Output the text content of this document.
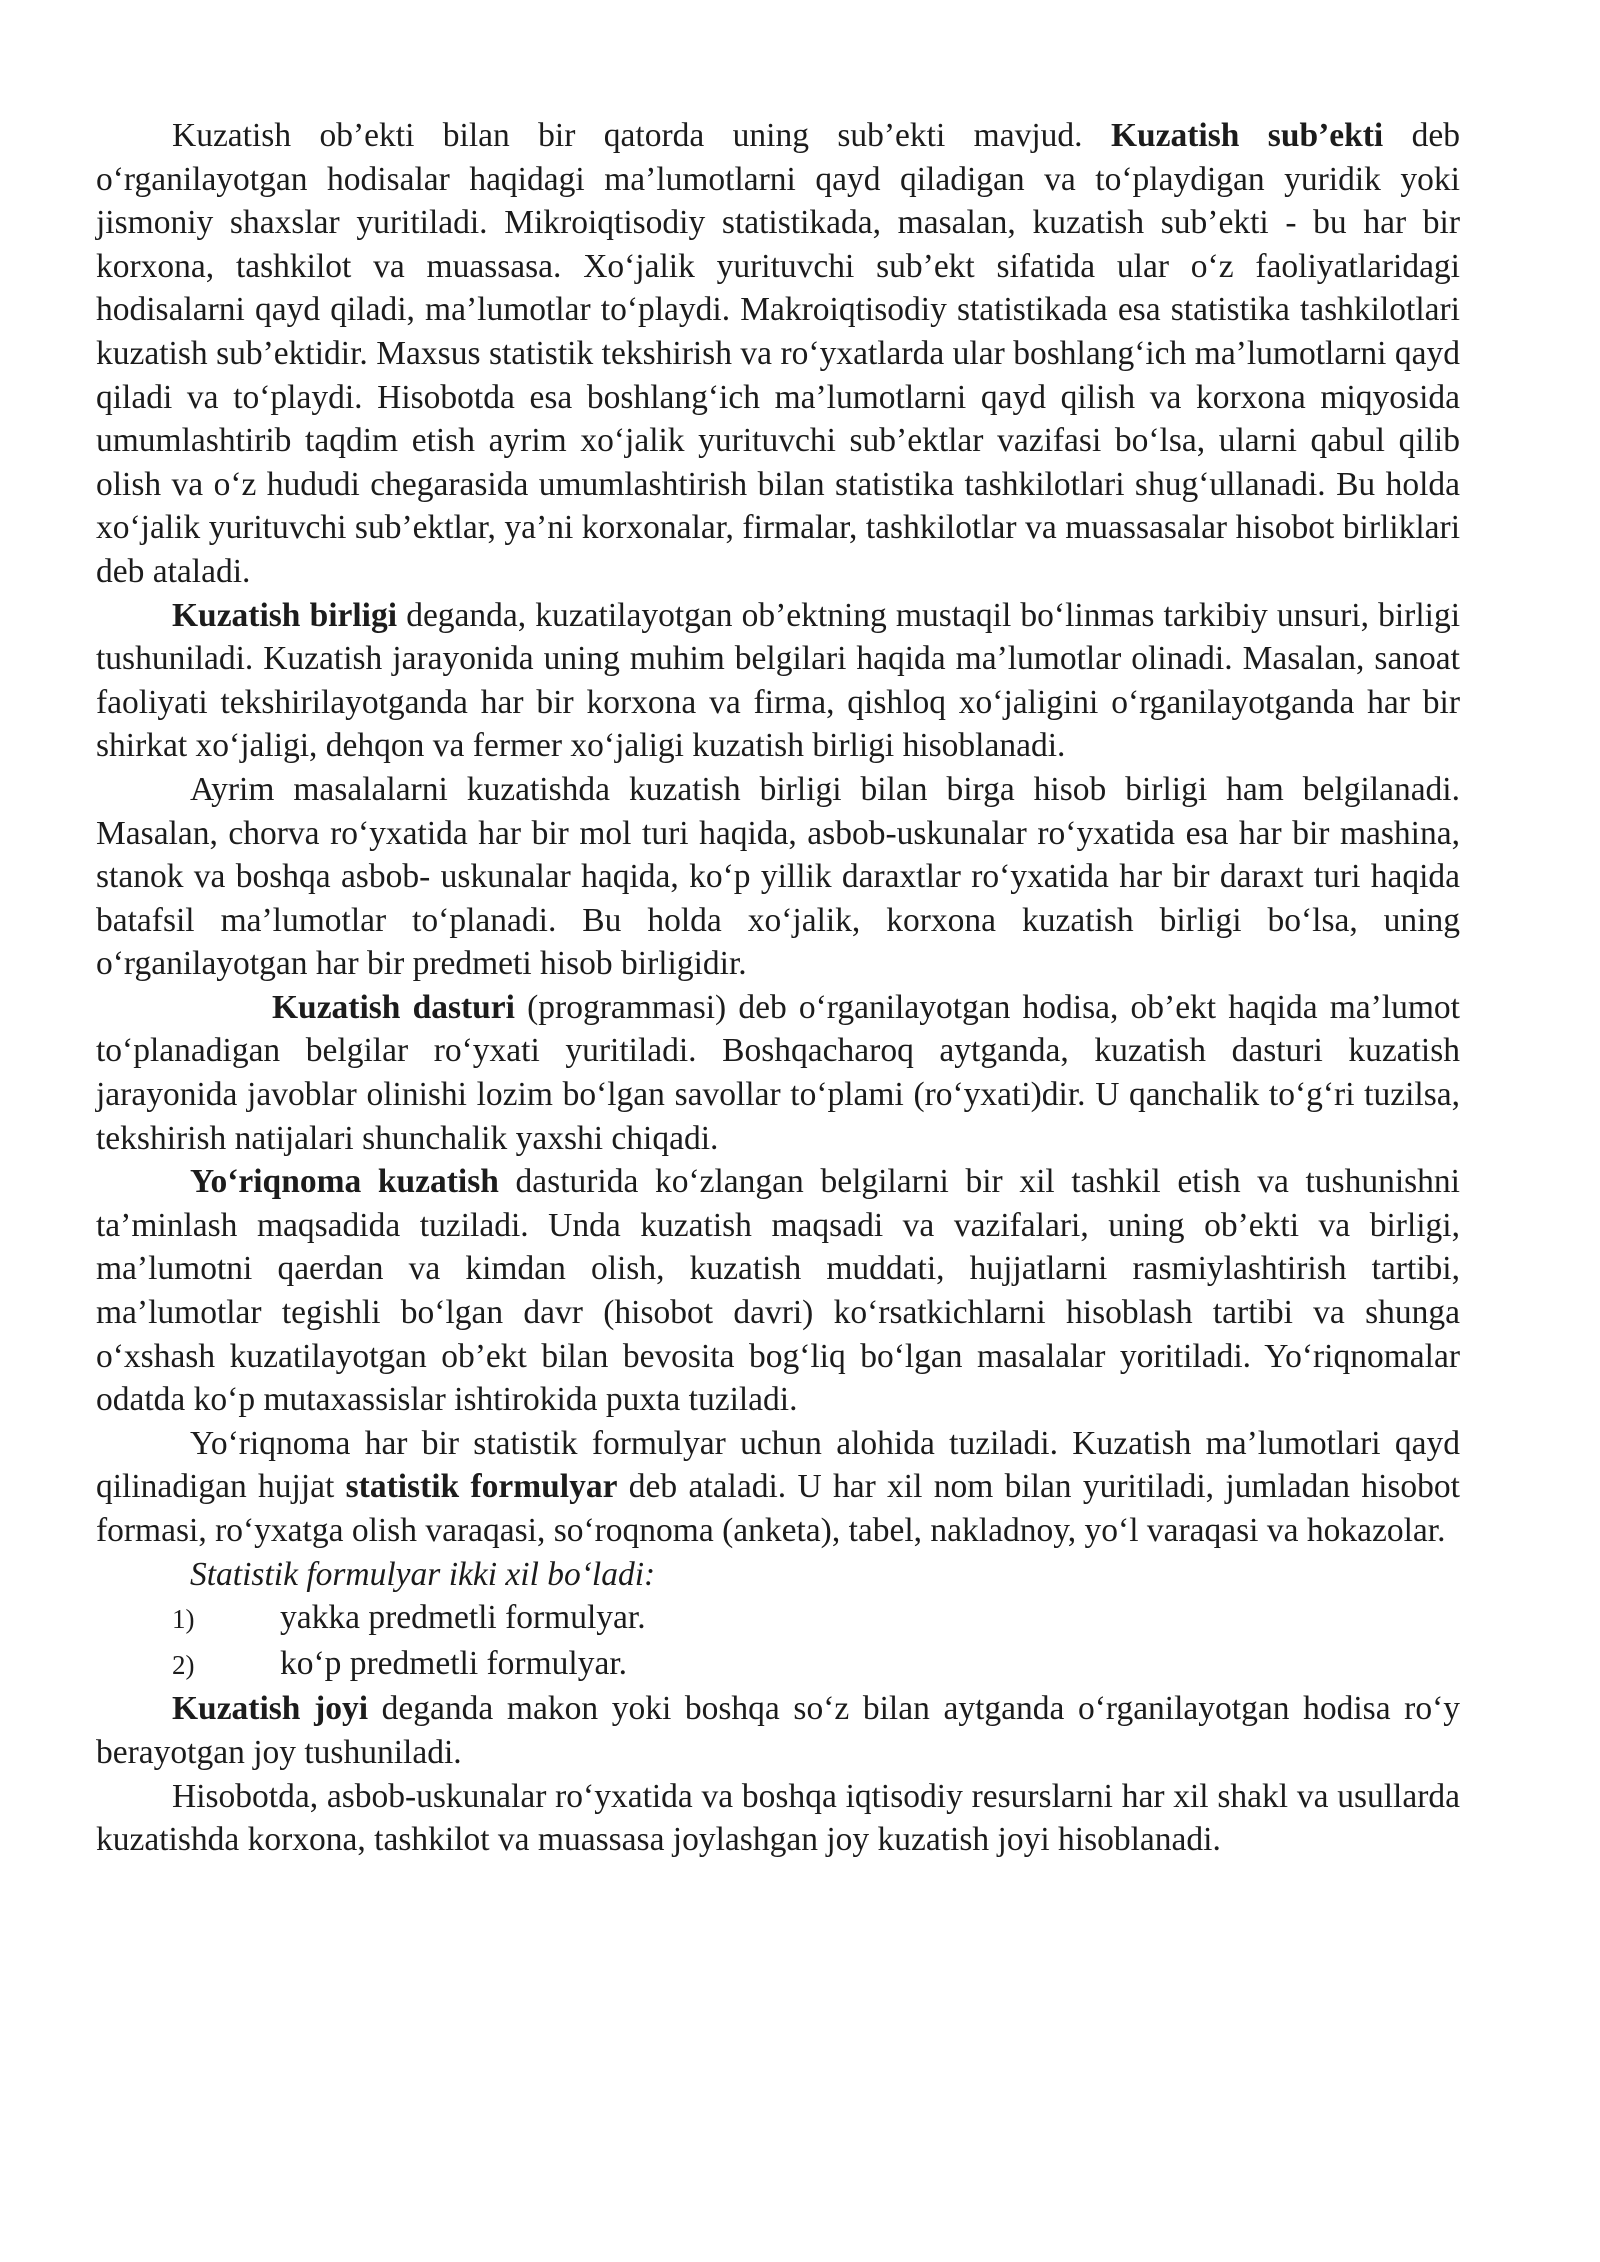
Kuzatish ob’ekti bilan bir qatorda uning sub’ekti mavjud. Kuzatish sub’ekti deb o‘rganilayotgan hodisalar haqidagi ma’lumotlarni qayd qiladigan va to‘playdigan yuridik yoki jismoniy shaxslar yuritiladi. Mikroiqtisodiy statistikada, masalan, kuzatish sub’ekti - bu har bir korxona, tashkilot va muassasa. Xo‘jalik yurituvchi sub’ekt sifatida ular o‘z faoliyatlaridagi hodisalarni qayd qiladi, ma’lumotlar to‘playdi. Makroiqtisodiy statistikada esa statistika tashkilotlari kuzatish sub’ektidir. Maxsus statistik tekshirish va ro‘yxatlarda ular boshlang‘ich ma’lumotlarni qayd qiladi va to‘playdi. Hisobotda esa boshlang‘ich ma’lumotlarni qayd qilish va korxona miqyosida umumlashtirib taqdim etish ayrim xo‘jalik yurituvchi sub’ektlar vazifasi bo‘lsa, ularni qabul qilib olish va o‘z hududi chegarasida umumlashtirish bilan statistika tashkilotlari shug‘ullanadi. Bu holda xo‘jalik yurituvchi sub’ektlar, ya’ni korxonalar, firmalar, tashkilotlar va muassasalar hisobot birliklari deb ataladi.

Kuzatish birligi deganda, kuzatilayotgan ob’ektning mustaqil bo‘linmas tarkibiy unsuri, birligi tushuniladi. Kuzatish jarayonida uning muhim belgilari haqida ma’lumotlar olinadi. Masalan, sanoat faoliyati tekshirilayotganda har bir korxona va firma, qishloq xo‘jaligini o‘rganilayotganda har bir shirkat xo‘jaligi, dehqon va fermer xo‘jaligi kuzatish birligi hisoblanadi.

Ayrim masalalarni kuzatishda kuzatish birligi bilan birga hisob birligi ham belgilanadi. Masalan, chorva ro‘yxatida har bir mol turi haqida, asbob-uskunalar ro‘yxatida esa har bir mashina, stanok va boshqa asbob- uskunalar haqida, ko‘p yillik daraxtlar ro‘yxatida har bir daraxt turi haqida batafsil ma’lumotlar to‘planadi. Bu holda xo‘jalik, korxona kuzatish birligi bo‘lsa, uning o‘rganilayotgan har bir predmeti hisob birligidir.

Kuzatish dasturi (programmasi) deb o‘rganilayotgan hodisa, ob’ekt haqida ma’lumot to‘planadigan belgilar ro‘yxati yuritiladi. Boshqacharoq aytganda, kuzatish dasturi kuzatish jarayonida javoblar olinishi lozim bo‘lgan savollar to‘plami (ro‘yxati)dir. U qanchalik to‘g‘ri tuzilsa, tekshirish natijalari shunchalik yaxshi chiqadi.

Yo‘riqnoma kuzatish dasturida ko‘zlangan belgilarni bir xil tashkil etish va tushunishni ta’minlash maqsadida tuziladi. Unda kuzatish maqsadi va vazifalari, uning ob’ekti va birligi, ma’lumotni qaerdan va kimdan olish, kuzatish muddati, hujjatlarni rasmiylashtirish tartibi, ma’lumotlar tegishli bo‘lgan davr (hisobot davri) ko‘rsatkichlarni hisoblash tartibi va shunga o‘xshash kuzatilayotgan ob’ekt bilan bevosita bog‘liq bo‘lgan masalalar yoritiladi. Yo‘riqnomalar odatda ko‘p mutaxassislar ishtirokida puxta tuziladi.

Yo‘riqnoma har bir statistik formulyar uchun alohida tuziladi. Kuzatish ma’lumotlari qayd qilinadigan hujjat statistik formulyar deb ataladi. U har xil nom bilan yuritiladi, jumladan hisobot formasi, ro‘yxatga olish varaqasi, so‘roqnoma (anketa), tabel, nakladnoy, yo‘l varaqasi va hokazolar.

Statistik formulyar ikki xil bo‘ladi:

1)	yakka predmetli formulyar.

2)	ko‘p predmetli formulyar.

Kuzatish joyi deganda makon yoki boshqa so‘z bilan aytganda o‘rganilayotgan hodisa ro‘y berayotgan joy tushuniladi.

Hisobotda, asbob-uskunalar ro‘yxatida va boshqa iqtisodiy resurslarni har xil shakl va usullarda kuzatishda korxona, tashkilot va muassasa joylashgan joy kuzatish joyi hisoblanadi.
